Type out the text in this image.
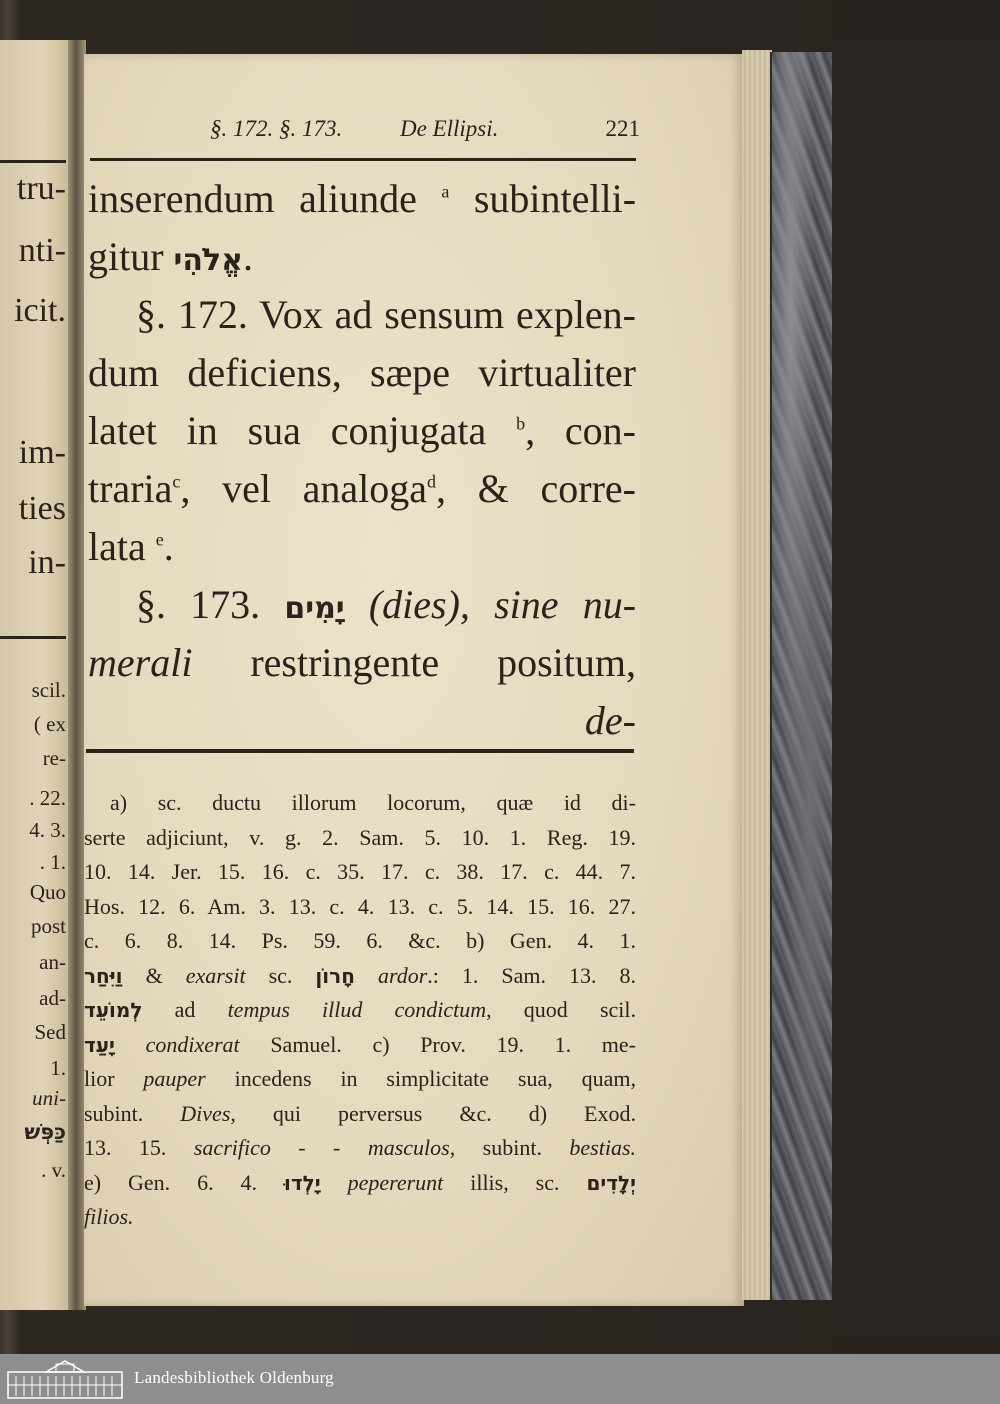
tru-
nti-
icit.
im-
ties
in-
scil.
( ex
re-
. 22.
4. 3.
. 1.
Quo
post
an-
ad-
Sed
1.
uni-
כַּפְּשׁ
. v.
§. 172. §. 173.	De Ellipsi.	221
inserendum aliunde $^a$ subintelli-
gitur אֱלֹהִי.
§. 172. Vox ad sensum explen-
dum deficiens, sæpe virtualiter
latet in sua conjugata $^b$, con-
traria$^c$, vel analoga$^d$, & corre-
lata $^e$.
§. 173. יָמִים (dies), sine nu-
merali restringente positum,
de-
a) sc. ductu illorum locorum, quæ id di-
serte adjiciunt, v. g. 2. Sam. 5. 10. 1. Reg. 19.
10. 14. Jer. 15. 16. c. 35. 17. c. 38. 17. c. 44. 7.
Hos. 12. 6. Am. 3. 13. c. 4. 13. c. 5. 14. 15. 16. 27.
c. 6. 8. 14. Ps. 59. 6. &c. b) Gen. 4. 1.
וַיִּחַר & exarsit sc. חָרוֹן ardor.: 1. Sam. 13. 8.
לְמוֹעֵד ad tempus illud condictum, quod scil.
יָעַד condixerat Samuel. c) Prov. 19. 1. me-
lior pauper incedens in simplicitate sua, quam,
subint. Dives, qui perversus &c. d) Exod.
13. 15. sacrifico - - masculos, subint. bestias.
e) Gen. 6. 4. יָלְדוּ pepererunt illis, sc. יְלָדִים
filios.
Landesbibliothek Oldenburg
